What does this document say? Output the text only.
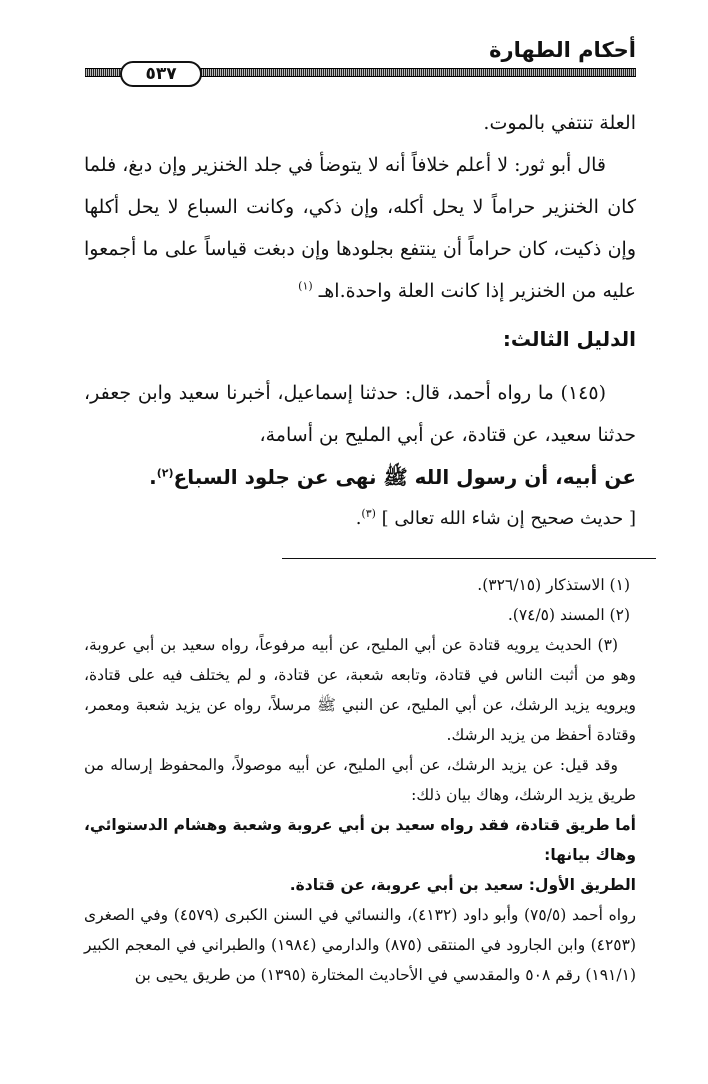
أحكام الطهارة
٥٣٧

العلة تنتفي بالموت.

قال أبو ثور: لا أعلم خلافاً أنه لا يتوضأ في جلد الخنزير وإن دبغ، فلما كان الخنزير حراماً لا يحل أكله، وإن ذكي، وكانت السباع لا يحل أكلها وإن ذكيت، كان حراماً أن ينتفع بجلودها وإن دبغت قياساً على ما أجمعوا عليه من الخنزير إذا كانت العلة واحدة.اهـ $^{(١)}$

الدليل الثالث:

(١٤٥) ما رواه أحمد، قال: حدثنا إسماعيل، أخبرنا سعيد وابن جعفر، حدثنا سعيد، عن قتادة، عن أبي المليح بن أسامة،

عن أبيه، أن رسول الله ﷺ نهى عن جلود السباع$^{(٢)}$.

[ حديث صحيح إن شاء الله تعالى ] $^{(٣)}$.

(١) الاستذكار (٣٢٦/١٥).

(٢) المسند (٧٤/٥).

(٣) الحديث يرويه قتادة عن أبي المليح، عن أبيه مرفوعاً، رواه سعيد بن أبي عروبة، وهو من أثبت الناس في قتادة، وتابعه شعبة، عن قتادة، و لم يختلف فيه على قتادة، ويرويه يزيد الرشك، عن أبي المليح، عن النبي ﷺ مرسلاً، رواه عن يزيد شعبة ومعمر، وقتادة أحفظ من يزيد الرشك.

وقد قيل: عن يزيد الرشك، عن أبي المليح، عن أبيه موصولاً، والمحفوظ إرساله من طريق يزيد الرشك، وهاك بيان ذلك:

أما طريق قتادة، فقد رواه سعيد بن أبي عروبة وشعبة وهشام الدستوائي، وهاك بيانها:

الطريق الأول: سعيد بن أبي عروبة، عن قتادة.

رواه أحمد (٧٥/٥) وأبو داود (٤١٣٢)، والنسائي في السنن الكبرى (٤٥٧٩) وفي الصغرى (٤٢٥٣) وابن الجارود في المنتقى (٨٧٥) والدارمي (١٩٨٤) والطبراني في المعجم الكبير (١٩١/١) رقم ٥٠٨ والمقدسي في الأحاديث المختارة (١٣٩٥) من طريق يحيى بن
